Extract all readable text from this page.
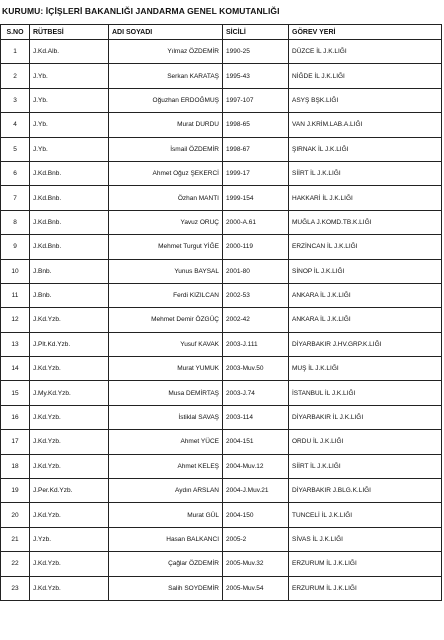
KURUMU: İÇİŞLERİ BAKANLIĞI JANDARMA GENEL KOMUTANLIĞI
S.NO	RÜTBESİ	ADI SOYADI	SİCİLİ	GÖREV YERİ
1	J.Kd.Alb.	Yılmaz ÖZDEMİR	1990-25	DÜZCE İL J.K.LIĞI
2	J.Yb.	Serkan KARATAŞ	1995-43	NİĞDE İL J.K.LIĞI
3	J.Yb.	Oğuzhan ERDOĞMUŞ	1997-107	ASYŞ BŞK.LIĞI
4	J.Yb.	Murat DURDU	1998-65	VAN J.KRİM.LAB.A.LIĞI
5	J.Yb.	İsmail ÖZDEMİR	1998-67	ŞIRNAK İL J.K.LIĞI
6	J.Kd.Bnb.	Ahmet Oğuz ŞEKERCİ	1999-17	SİİRT İL J.K.LIĞI
7	J.Kd.Bnb.	Özhan MANTI	1999-154	HAKKARİ İL J.K.LIĞI
8	J.Kd.Bnb.	Yavuz ORUÇ	2000-A.61	MUĞLA J.KOMD.TB.K.LIĞI
9	J.Kd.Bnb.	Mehmet Turgut YİĞE	2000-119	ERZİNCAN İL J.K.LIĞI
10	J.Bnb.	Yunus BAYSAL	2001-80	SİNOP İL J.K.LIĞI
11	J.Bnb.	Ferdi KIZILCAN	2002-53	ANKARA İL J.K.LIĞI
12	J.Kd.Yzb.	Mehmet Demir ÖZGÜÇ	2002-42	ANKARA İL J.K.LIĞI
13	J.Plt.Kd.Yzb.	Yusuf KAVAK	2003-J.111	DİYARBAKIR J.HV.GRP.K.LIĞI
14	J.Kd.Yzb.	Murat YUMUK	2003-Muv.50	MUŞ İL J.K.LIĞI
15	J.My.Kd.Yzb.	Musa DEMİRTAŞ	2003-J.74	İSTANBUL İL J.K.LIĞI
16	J.Kd.Yzb.	İstiklal SAVAŞ	2003-114	DİYARBAKIR İL J.K.LIĞI
17	J.Kd.Yzb.	Ahmet YÜCE	2004-151	ORDU İL J.K.LIĞI
18	J.Kd.Yzb.	Ahmet KELEŞ	2004-Muv.12	SİİRT İL J.K.LIĞI
19	J.Per.Kd.Yzb.	Aydın ARSLAN	2004-J.Muv.21	DİYARBAKIR J.BLG.K.LIĞI
20	J.Kd.Yzb.	Murat GÜL	2004-150	TUNCELİ İL J.K.LIĞI
21	J.Yzb.	Hasan BALKANCI	2005-2	SİVAS İL J.K.LIĞI
22	J.Kd.Yzb.	Çağlar ÖZDEMİR	2005-Muv.32	ERZURUM İL J.K.LIĞI
23	J.Kd.Yzb.	Salih SOYDEMİR	2005-Muv.54	ERZURUM İL J.K.LIĞI
